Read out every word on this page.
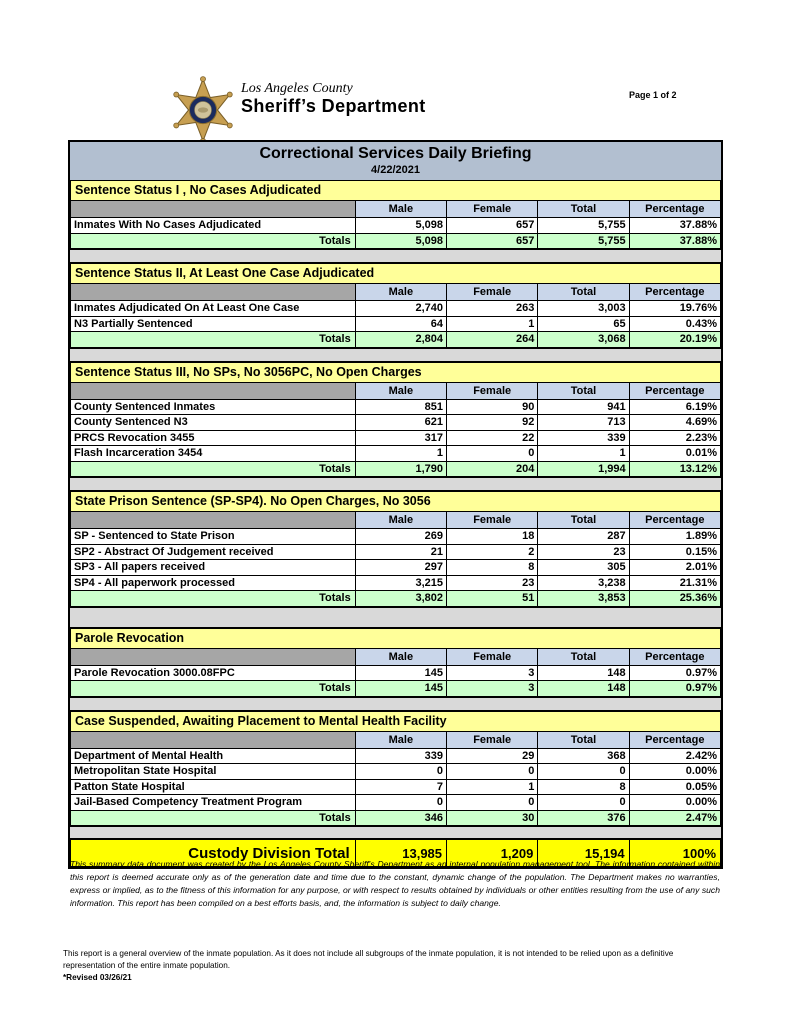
Los Angeles County
Sheriff’s Department
Page 1 of 2
Correctional Services Daily Briefing
4/22/2021
Sentence Status I , No Cases Adjudicated				
	Male	Female	Total	Percentage
Inmates With No Cases Adjudicated	5,098	657	5,755	37.88%
Totals	5,098	657	5,755	37.88%
Sentence Status II, At Least One Case Adjudicated				
	Male	Female	Total	Percentage
Inmates Adjudicated On At Least One Case	2,740	263	3,003	19.76%
N3 Partially Sentenced	64	1	65	0.43%
Totals	2,804	264	3,068	20.19%
Sentence Status III, No SPs, No 3056PC, No Open Charges				
	Male	Female	Total	Percentage
County Sentenced Inmates	851	90	941	6.19%
County Sentenced N3	621	92	713	4.69%
PRCS Revocation 3455	317	22	339	2.23%
Flash Incarceration 3454	1	0	1	0.01%
Totals	1,790	204	1,994	13.12%
State Prison Sentence (SP-SP4). No Open Charges, No 3056				
	Male	Female	Total	Percentage
SP - Sentenced to State Prison	269	18	287	1.89%
SP2 - Abstract Of Judgement received	21	2	23	0.15%
SP3 - All papers received	297	8	305	2.01%
SP4 - All paperwork processed	3,215	23	3,238	21.31%
Totals	3,802	51	3,853	25.36%
Parole Revocation				
	Male	Female	Total	Percentage
Parole Revocation 3000.08FPC	145	3	148	0.97%
Totals	145	3	148	0.97%
Case Suspended, Awaiting Placement to Mental Health Facility				
	Male	Female	Total	Percentage
Department of Mental Health	339	29	368	2.42%
Metropolitan State Hospital	0	0	0	0.00%
Patton State Hospital	7	1	8	0.05%
Jail-Based Competency Treatment Program	0	0	0	0.00%
Totals	346	30	376	2.47%
Custody Division Total	13,985	1,209	15,194	100%
This summary data document was created by the Los Angeles County Sheriff's Department as an internal population management tool. The information contained within this report is deemed accurate only as of the generation date and time due to the constant, dynamic change of the population. The Department makes no warranties, express or implied, as to the fitness of this information for any purpose, or with respect to results obtained by individuals or other entities resulting from the use of any such information. This report has been compiled on a best efforts basis, and, the information is subject to daily change.
This report is a general overview of the inmate population. As it does not include all subgroups of the inmate population, it is not intended to be relied upon as a definitive representation of the entire inmate population.
*Revised 03/26/21
